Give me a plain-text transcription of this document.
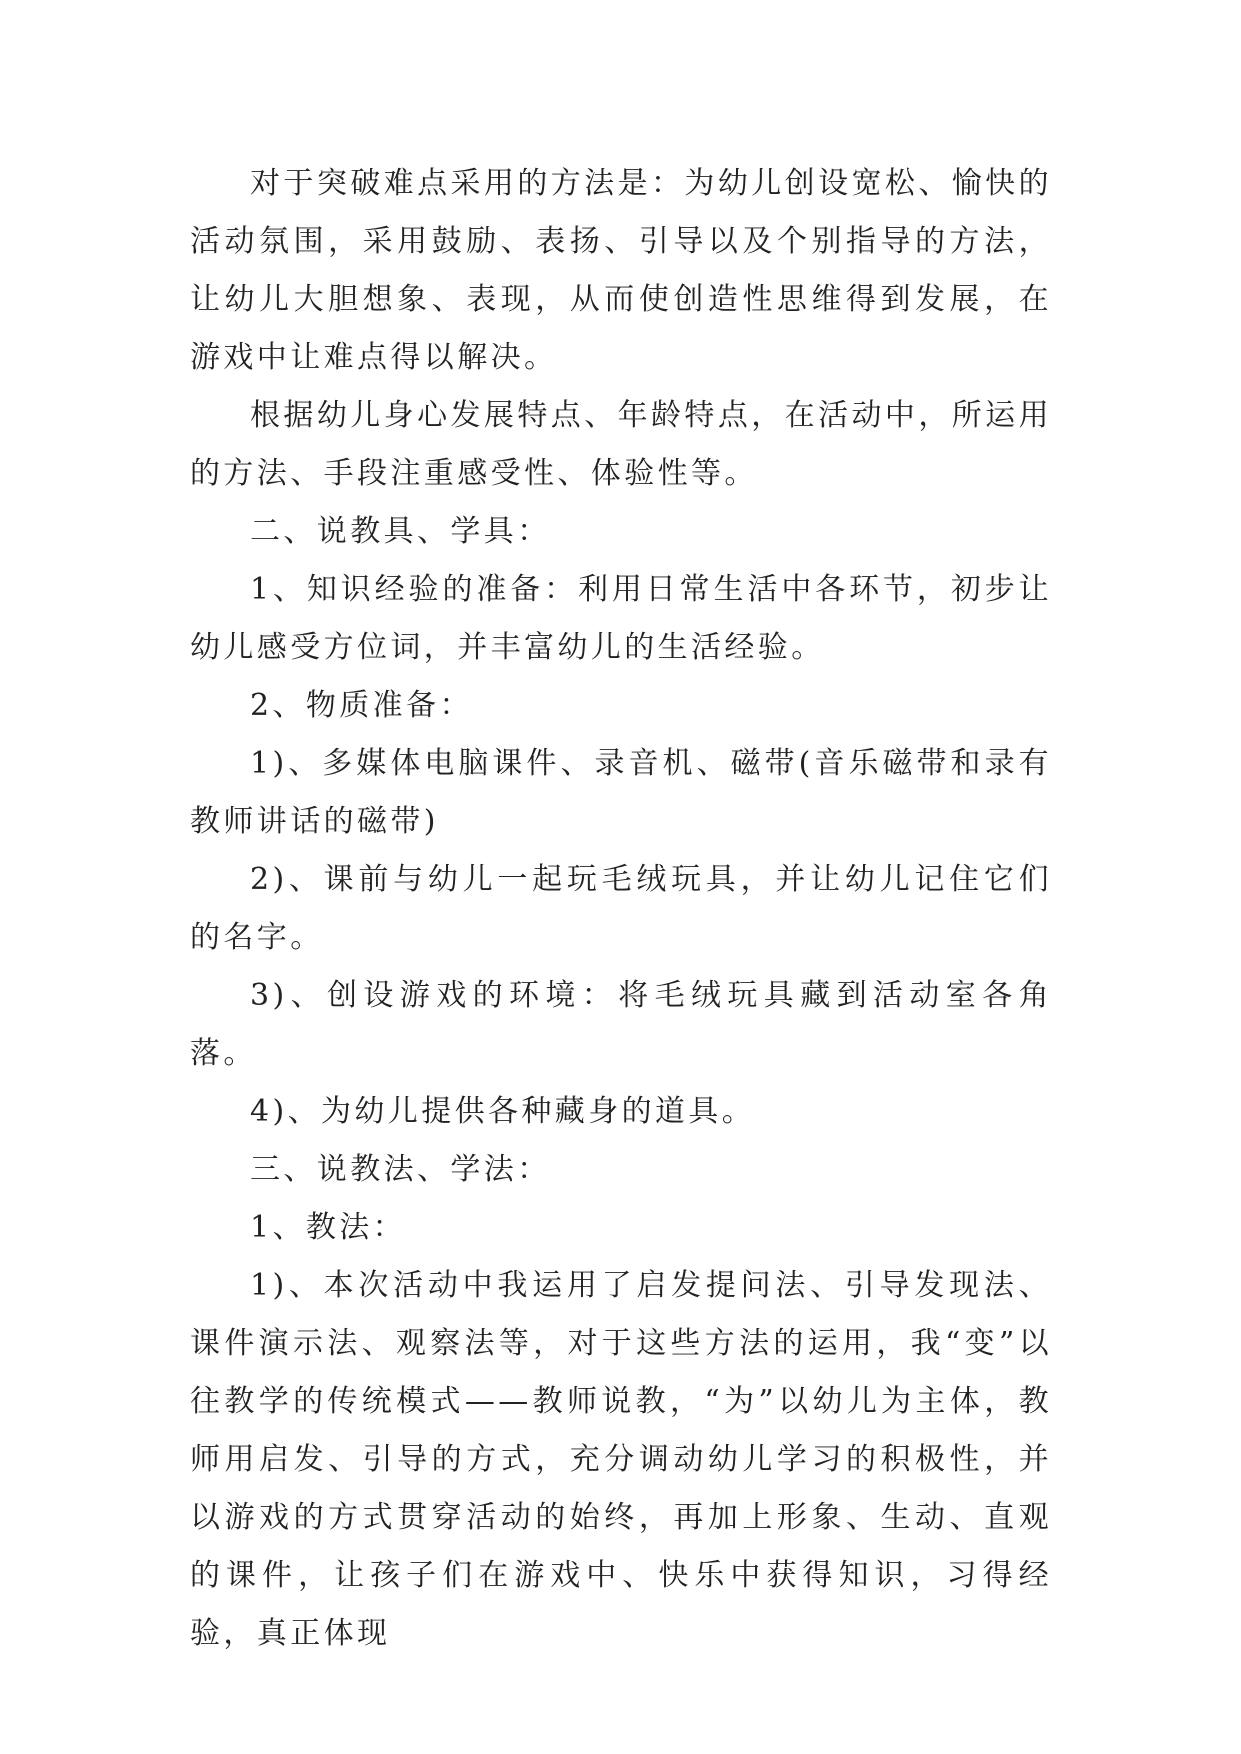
对于突破难点采用的方法是：为幼儿创设宽松、愉快的活动氛围，采用鼓励、表扬、引导以及个别指导的方法，让幼儿大胆想象、表现，从而使创造性思维得到发展，在游戏中让难点得以解决。

根据幼儿身心发展特点、年龄特点，在活动中，所运用的方法、手段注重感受性、体验性等。

二、说教具、学具：

1、知识经验的准备：利用日常生活中各环节，初步让幼儿感受方位词，并丰富幼儿的生活经验。

2、物质准备：

1)、多媒体电脑课件、录音机、磁带(音乐磁带和录有教师讲话的磁带)

2)、课前与幼儿一起玩毛绒玩具，并让幼儿记住它们的名字。

3)、创设游戏的环境：将毛绒玩具藏到活动室各角落。

4)、为幼儿提供各种藏身的道具。

三、说教法、学法：

1、教法：

1)、本次活动中我运用了启发提问法、引导发现法、课件演示法、观察法等，对于这些方法的运用，我“变”以往教学的传统模式——教师说教，“为”以幼儿为主体，教师用启发、引导的方式，充分调动幼儿学习的积极性，并以游戏的方式贯穿活动的始终，再加上形象、生动、直观的课件，让孩子们在游戏中、快乐中获得知识，习得经验，真正体现
